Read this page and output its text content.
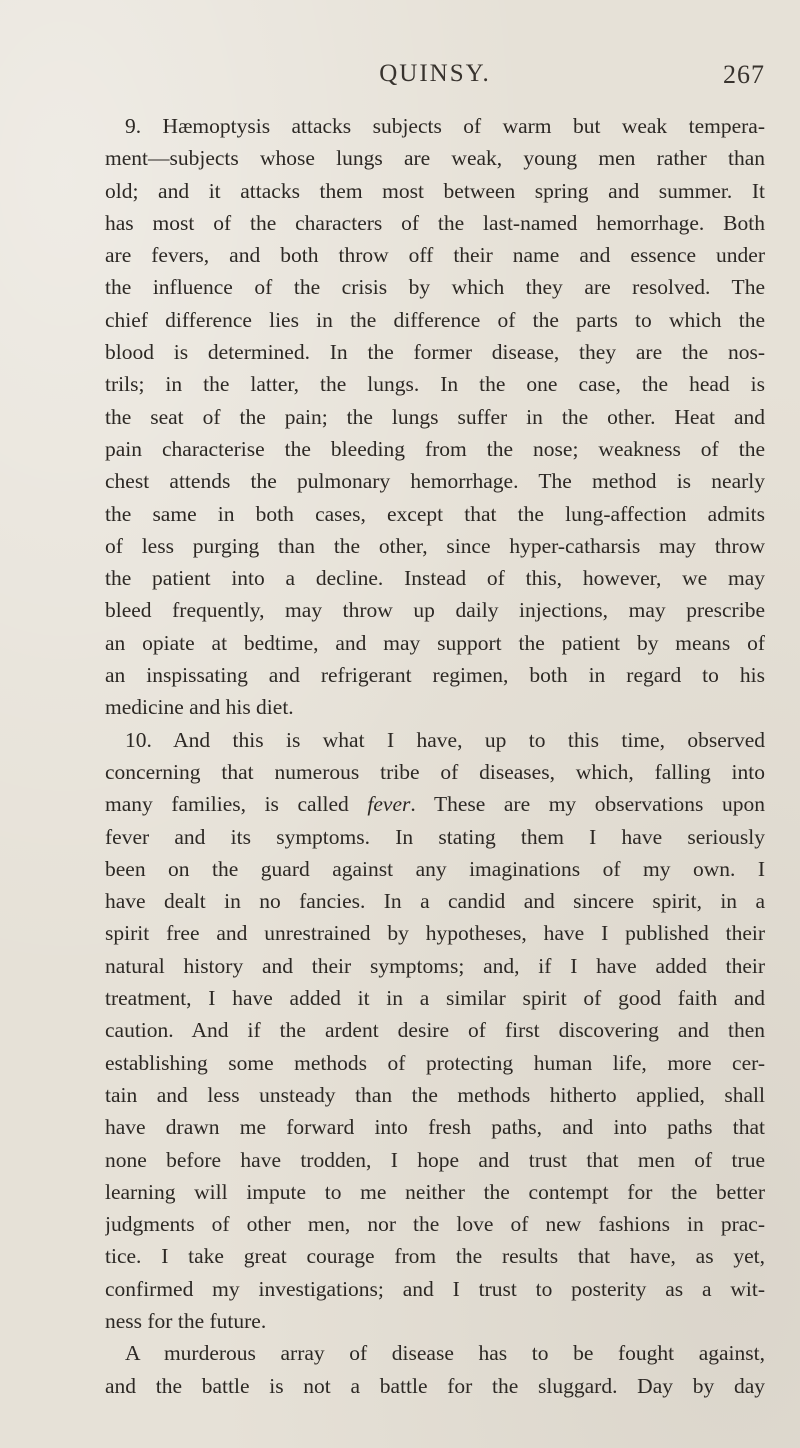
QUINSY.	267
9. Hæmoptysis attacks subjects of warm but weak tempera-
ment—subjects whose lungs are weak, young men rather than
old; and it attacks them most between spring and summer. It
has most of the characters of the last-named hemorrhage. Both
are fevers, and both throw off their name and essence under
the influence of the crisis by which they are resolved. The
chief difference lies in the difference of the parts to which the
blood is determined. In the former disease, they are the nos-
trils; in the latter, the lungs. In the one case, the head is
the seat of the pain; the lungs suffer in the other. Heat and
pain characterise the bleeding from the nose; weakness of the
chest attends the pulmonary hemorrhage. The method is nearly
the same in both cases, except that the lung-affection admits
of less purging than the other, since hyper-catharsis may throw
the patient into a decline. Instead of this, however, we may
bleed frequently, may throw up daily injections, may prescribe
an opiate at bedtime, and may support the patient by means of
an inspissating and refrigerant regimen, both in regard to his
medicine and his diet.
10. And this is what I have, up to this time, observed
concerning that numerous tribe of diseases, which, falling into
many families, is called fever. These are my observations upon
fever and its symptoms. In stating them I have seriously
been on the guard against any imaginations of my own. I
have dealt in no fancies. In a candid and sincere spirit, in a
spirit free and unrestrained by hypotheses, have I published their
natural history and their symptoms; and, if I have added their
treatment, I have added it in a similar spirit of good faith and
caution. And if the ardent desire of first discovering and then
establishing some methods of protecting human life, more cer-
tain and less unsteady than the methods hitherto applied, shall
have drawn me forward into fresh paths, and into paths that
none before have trodden, I hope and trust that men of true
learning will impute to me neither the contempt for the better
judgments of other men, nor the love of new fashions in prac-
tice. I take great courage from the results that have, as yet,
confirmed my investigations; and I trust to posterity as a wit-
ness for the future.
A murderous array of disease has to be fought against,
and the battle is not a battle for the sluggard. Day by day
